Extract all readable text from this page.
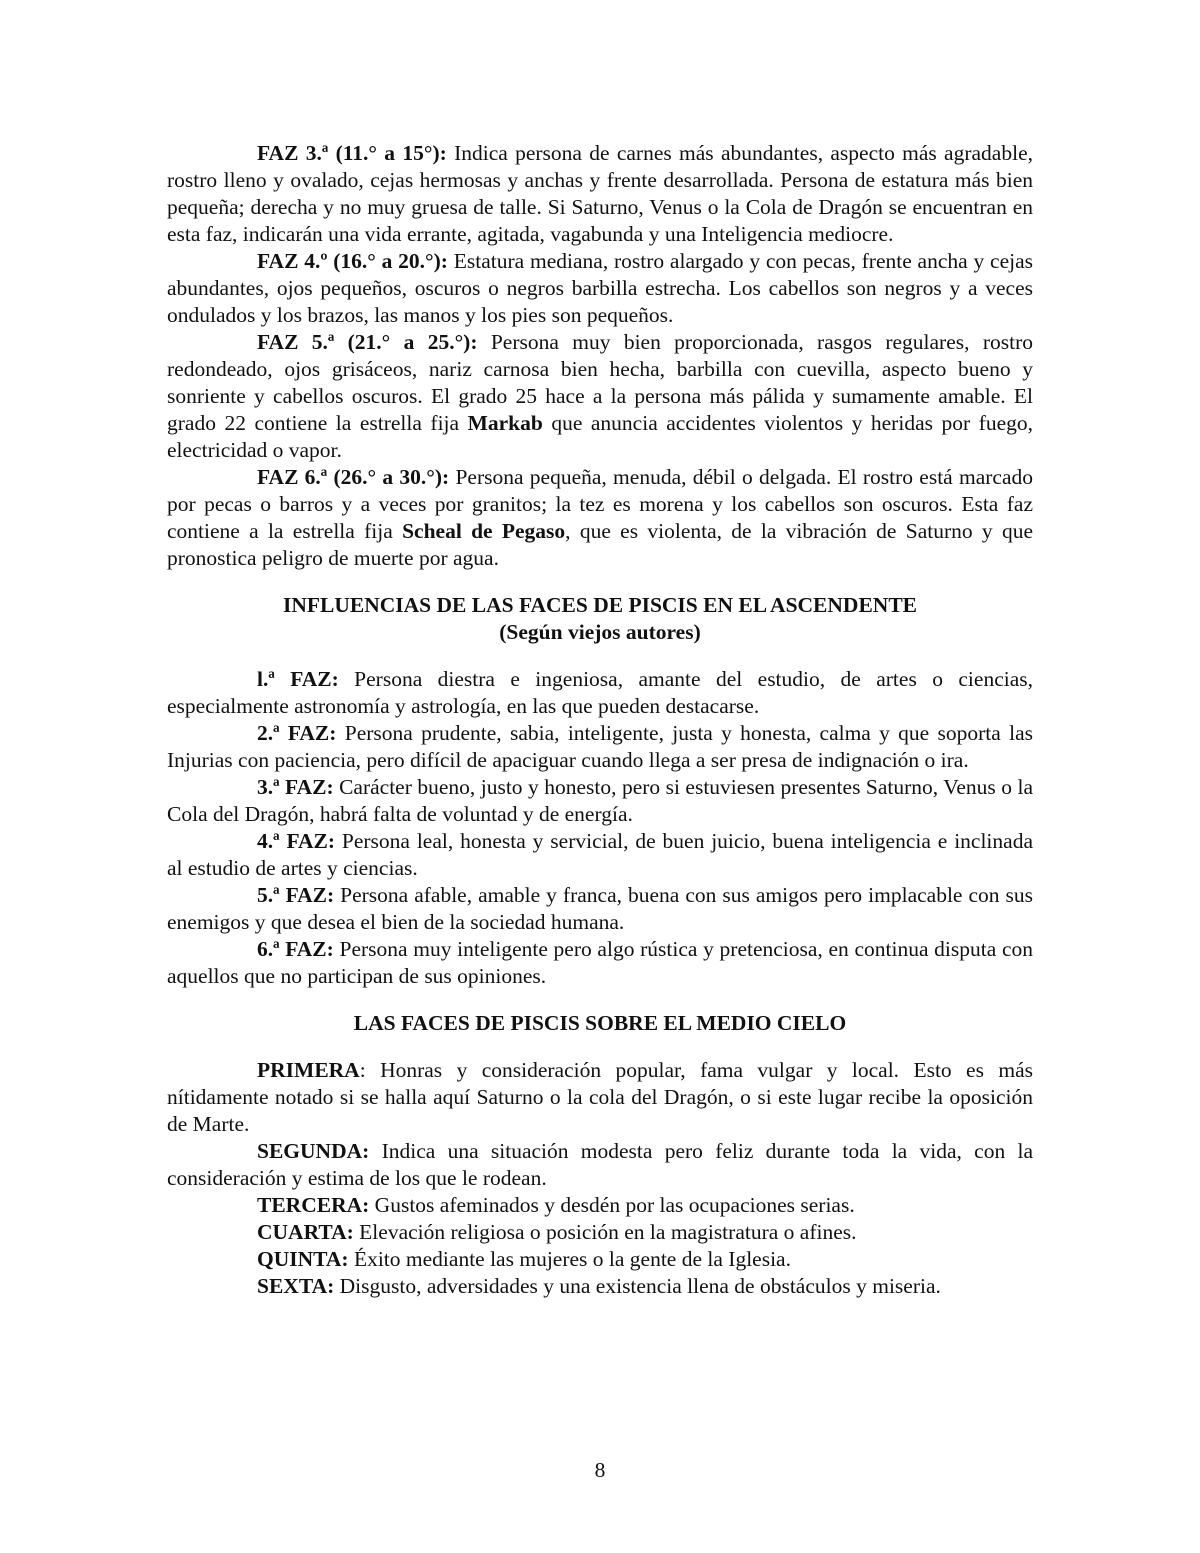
FAZ 3.ª (11.° a 15°): Indica persona de carnes más abundantes, aspecto más agradable, rostro lleno y ovalado, cejas hermosas y anchas y frente desarrollada. Persona de estatura más bien pequeña; derecha y no muy gruesa de talle. Si Saturno, Venus o la Cola de Dragón se encuentran en esta faz, indicarán una vida errante, agitada, vagabunda y una Inteligencia mediocre.

FAZ 4.º (16.° a 20.°): Estatura mediana, rostro alargado y con pecas, frente ancha y cejas abundantes, ojos pequeños, oscuros o negros barbilla estrecha. Los cabellos son negros y a veces ondulados y los brazos, las manos y los pies son pequeños.

FAZ 5.ª (21.° a 25.°): Persona muy bien proporcionada, rasgos regulares, rostro redondeado, ojos grisáceos, nariz carnosa bien hecha, barbilla con cuevilla, aspecto bueno y sonriente y cabellos oscuros. El grado 25 hace a la persona más pálida y sumamente amable. El grado 22 contiene la estrella fija Markab que anuncia accidentes violentos y heridas por fuego, electricidad o vapor.

FAZ 6.ª (26.° a 30.°): Persona pequeña, menuda, débil o delgada. El rostro está marcado por pecas o barros y a veces por granitos; la tez es morena y los cabellos son oscuros. Esta faz contiene a la estrella fija Scheal de Pegaso, que es violenta, de la vibración de Saturno y que pronostica peligro de muerte por agua.

INFLUENCIAS DE LAS FACES DE PISCIS EN EL ASCENDENTE

(Según viejos autores)

l.ª FAZ: Persona diestra e ingeniosa, amante del estudio, de artes o ciencias, especialmente astronomía y astrología, en las que pueden destacarse.

2.ª FAZ: Persona prudente, sabia, inteligente, justa y honesta, calma y que soporta las Injurias con paciencia, pero difícil de apaciguar cuando llega a ser presa de indignación o ira.

3.ª FAZ: Carácter bueno, justo y honesto, pero si estuviesen presentes Saturno, Venus o la Cola del Dragón, habrá falta de voluntad y de energía.

4.ª FAZ: Persona leal, honesta y servicial, de buen juicio, buena inteligencia e inclinada al estudio de artes y ciencias.

5.ª FAZ: Persona afable, amable y franca, buena con sus amigos pero implacable con sus enemigos y que desea el bien de la sociedad humana.

6.ª FAZ: Persona muy inteligente pero algo rústica y pretenciosa, en continua disputa con aquellos que no participan de sus opiniones.

LAS FACES DE PISCIS SOBRE EL MEDIO CIELO

PRIMERA: Honras y consideración popular, fama vulgar y local. Esto es más nítidamente notado si se halla aquí Saturno o la cola del Dragón, o si este lugar recibe la oposición de Marte.

SEGUNDA: Indica una situación modesta pero feliz durante toda la vida, con la consideración y estima de los que le rodean.

TERCERA: Gustos afeminados y desdén por las ocupaciones serias.

CUARTA: Elevación religiosa o posición en la magistratura o afines.

QUINTA: Éxito mediante las mujeres o la gente de la Iglesia.

SEXTA: Disgusto, adversidades y una existencia llena de obstáculos y miseria.

8
